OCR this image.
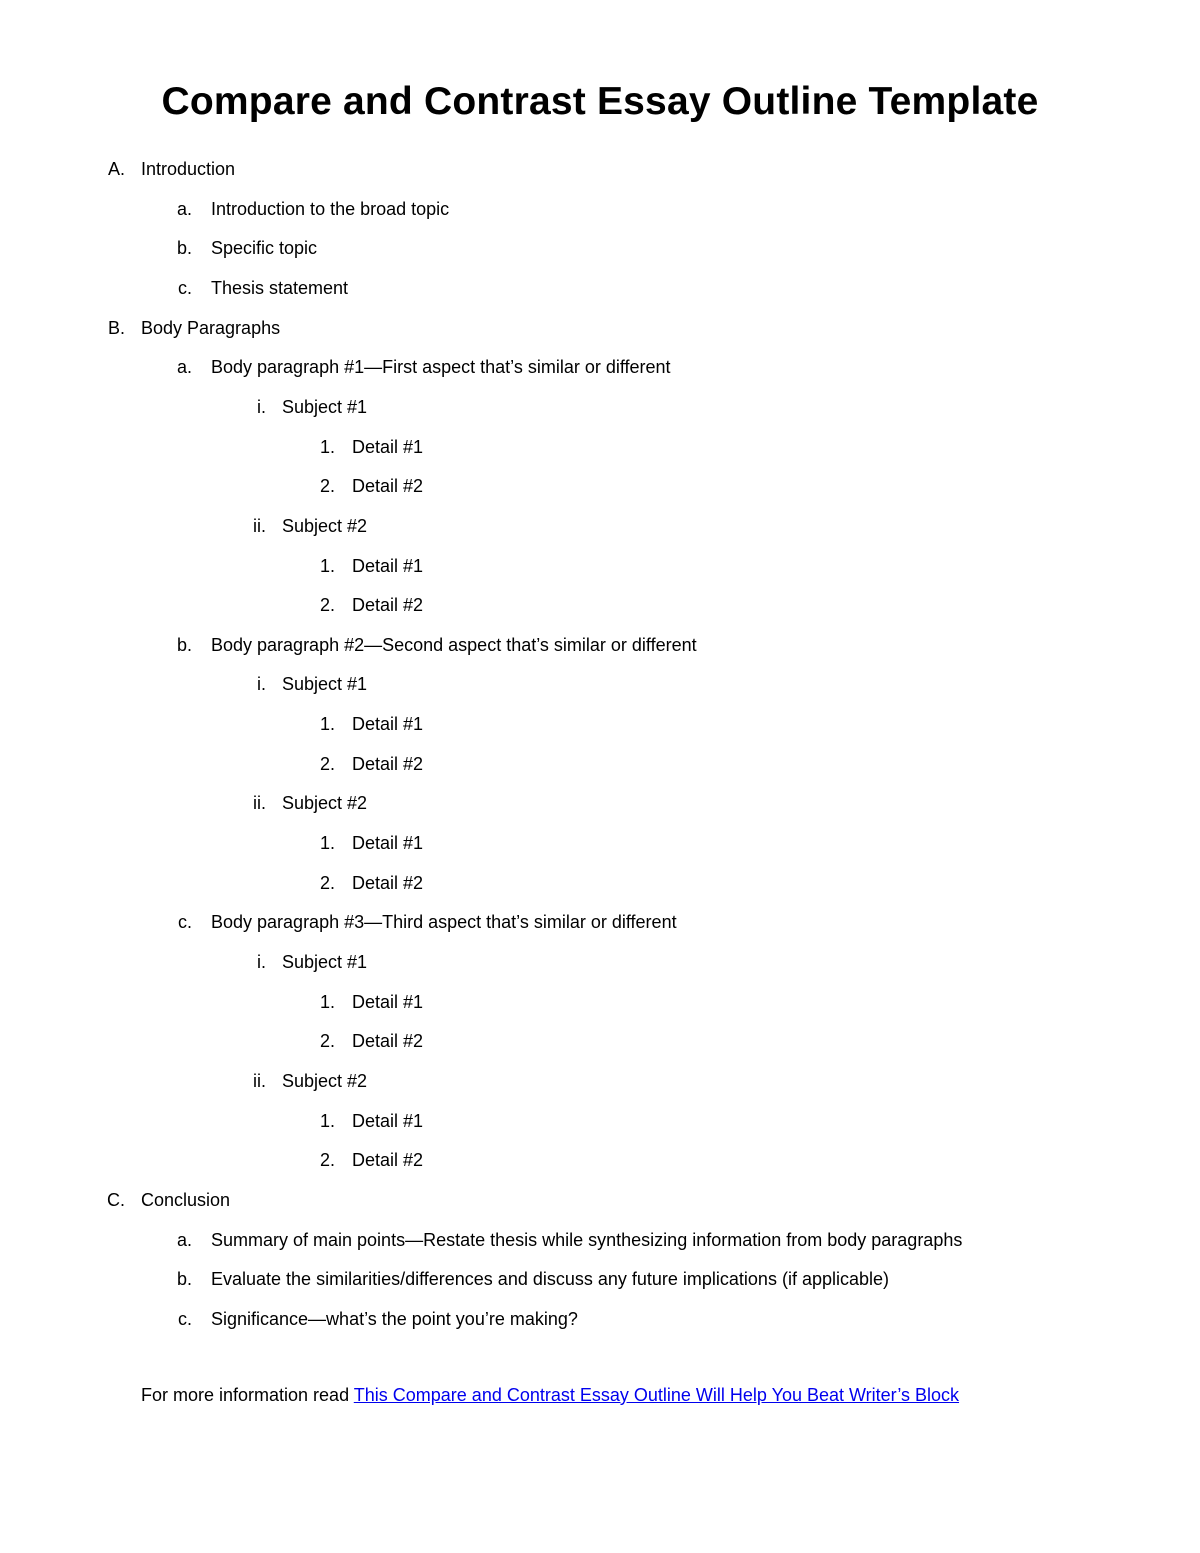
Compare and Contrast Essay Outline Template
A. Introduction
a. Introduction to the broad topic
b. Specific topic
c. Thesis statement
B. Body Paragraphs
a. Body paragraph #1—First aspect that’s similar or different
i. Subject #1
1. Detail #1
2. Detail #2
ii. Subject #2
1. Detail #1
2. Detail #2
b. Body paragraph #2—Second aspect that’s similar or different
i. Subject #1
1. Detail #1
2. Detail #2
ii. Subject #2
1. Detail #1
2. Detail #2
c. Body paragraph #3—Third aspect that’s similar or different
i. Subject #1
1. Detail #1
2. Detail #2
ii. Subject #2
1. Detail #1
2. Detail #2
C. Conclusion
a. Summary of main points—Restate thesis while synthesizing information from body paragraphs
b. Evaluate the similarities/differences and discuss any future implications (if applicable)
c. Significance—what’s the point you’re making?
For more information read This Compare and Contrast Essay Outline Will Help You Beat Writer’s Block
